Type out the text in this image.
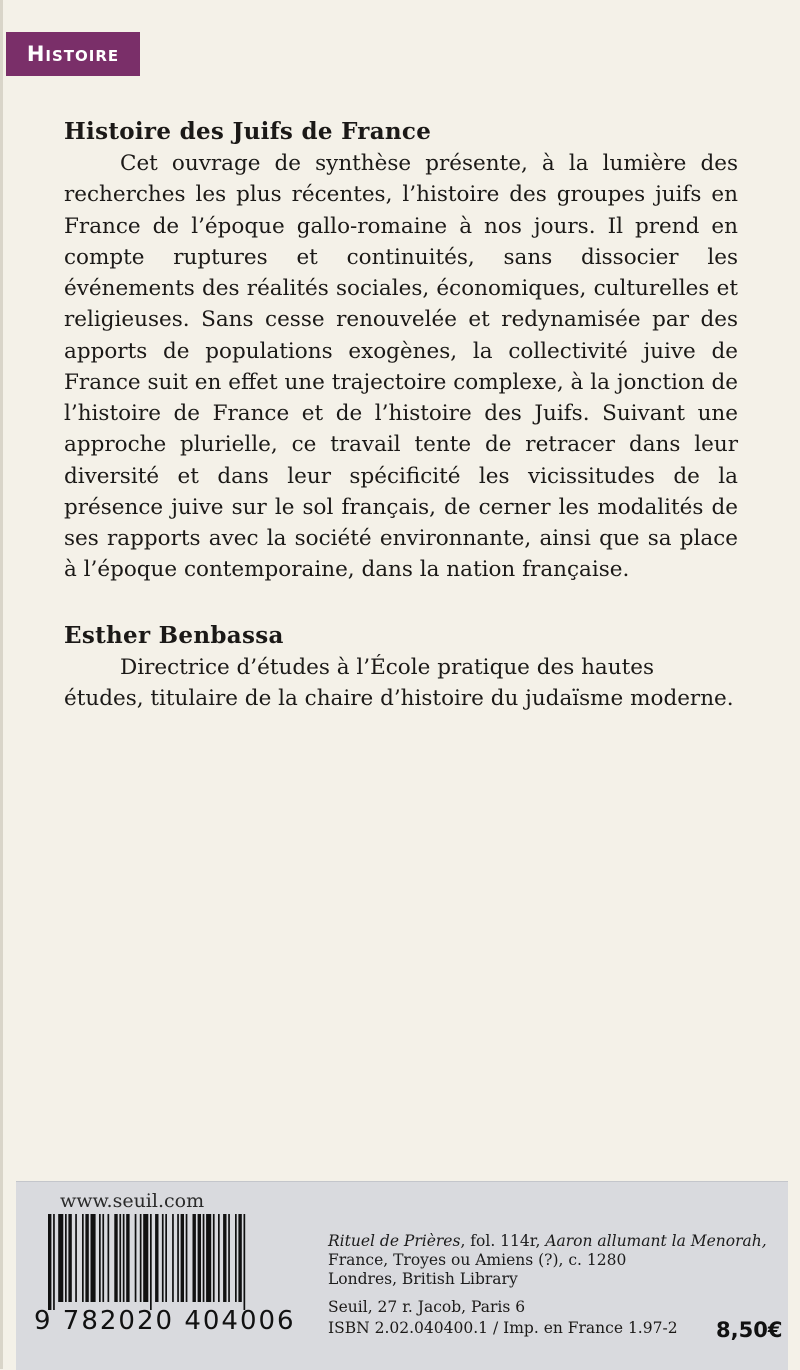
Histoire
Histoire des Juifs de France

Cet ouvrage de synthèse présente, à la lumière des recherches les plus récentes, l’histoire des groupes juifs en France de l’époque gallo-romaine à nos jours. Il prend en compte ruptures et continuités, sans dissocier les événements des réalités sociales, économiques, culturelles et religieuses. Sans cesse renouvelée et redynamisée par des apports de populations exogènes, la collectivité juive de France suit en effet une trajectoire complexe, à la jonction de l’histoire de France et de l’histoire des Juifs. Suivant une approche plurielle, ce travail tente de retracer dans leur diversité et dans leur spécificité les vicissitudes de la présence juive sur le sol français, de cerner les modalités de ses rapports avec la société environnante, ainsi que sa place à l’époque contemporaine, dans la nation française.

Esther Benbassa

Directrice d’études à l’École pratique des hautes études, titulaire de la chaire d’histoire du judaïsme moderne.

www.seuil.com
9 782020 404006

Rituel de Prières, fol. 114r, Aaron allumant la Menorah,

France, Troyes ou Amiens (?), c. 1280

Londres, British Library

Seuil, 27 r. Jacob, Paris 6
ISBN 2.02.040400.1 / Imp. en France 1.97-2 8,50€
